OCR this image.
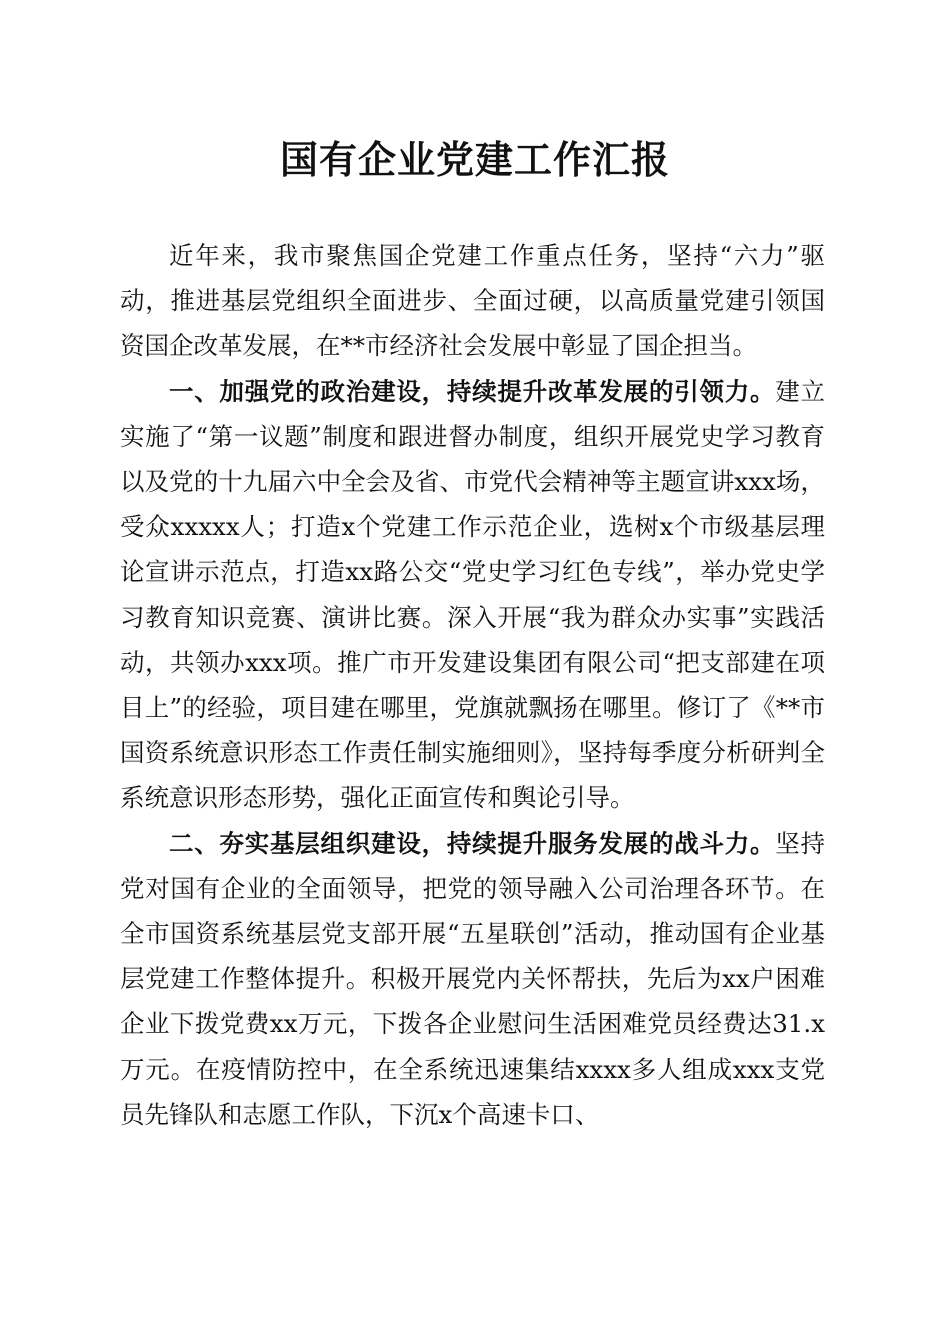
国有企业党建工作汇报

近年来，我市聚焦国企党建工作重点任务，坚持“六力”驱动，推进基层党组织全面进步、全面过硬，以高质量党建引领国资国企改革发展，在**市经济社会发展中彰显了国企担当。

一、加强党的政治建设，持续提升改革发展的引领力。建立实施了“第一议题”制度和跟进督办制度，组织开展党史学习教育以及党的十九届六中全会及省、市党代会精神等主题宣讲xxx场，受众xxxxx人；打造x个党建工作示范企业，选树x个市级基层理论宣讲示范点，打造xx路公交“党史学习红色专线”，举办党史学习教育知识竞赛、演讲比赛。深入开展“我为群众办实事”实践活动，共领办xxx项。推广市开发建设集团有限公司“把支部建在项目上”的经验，项目建在哪里，党旗就飘扬在哪里。修订了《**市国资系统意识形态工作责任制实施细则》，坚持每季度分析研判全系统意识形态形势，强化正面宣传和舆论引导。

二、夯实基层组织建设，持续提升服务发展的战斗力。坚持党对国有企业的全面领导，把党的领导融入公司治理各环节。在全市国资系统基层党支部开展“五星联创”活动，推动国有企业基层党建工作整体提升。积极开展党内关怀帮扶，先后为xx户困难企业下拨党费xx万元，下拨各企业慰问生活困难党员经费达31.x万元。在疫情防控中，在全系统迅速集结xxxx多人组成xxx支党员先锋队和志愿工作队，下沉x个高速卡口、
